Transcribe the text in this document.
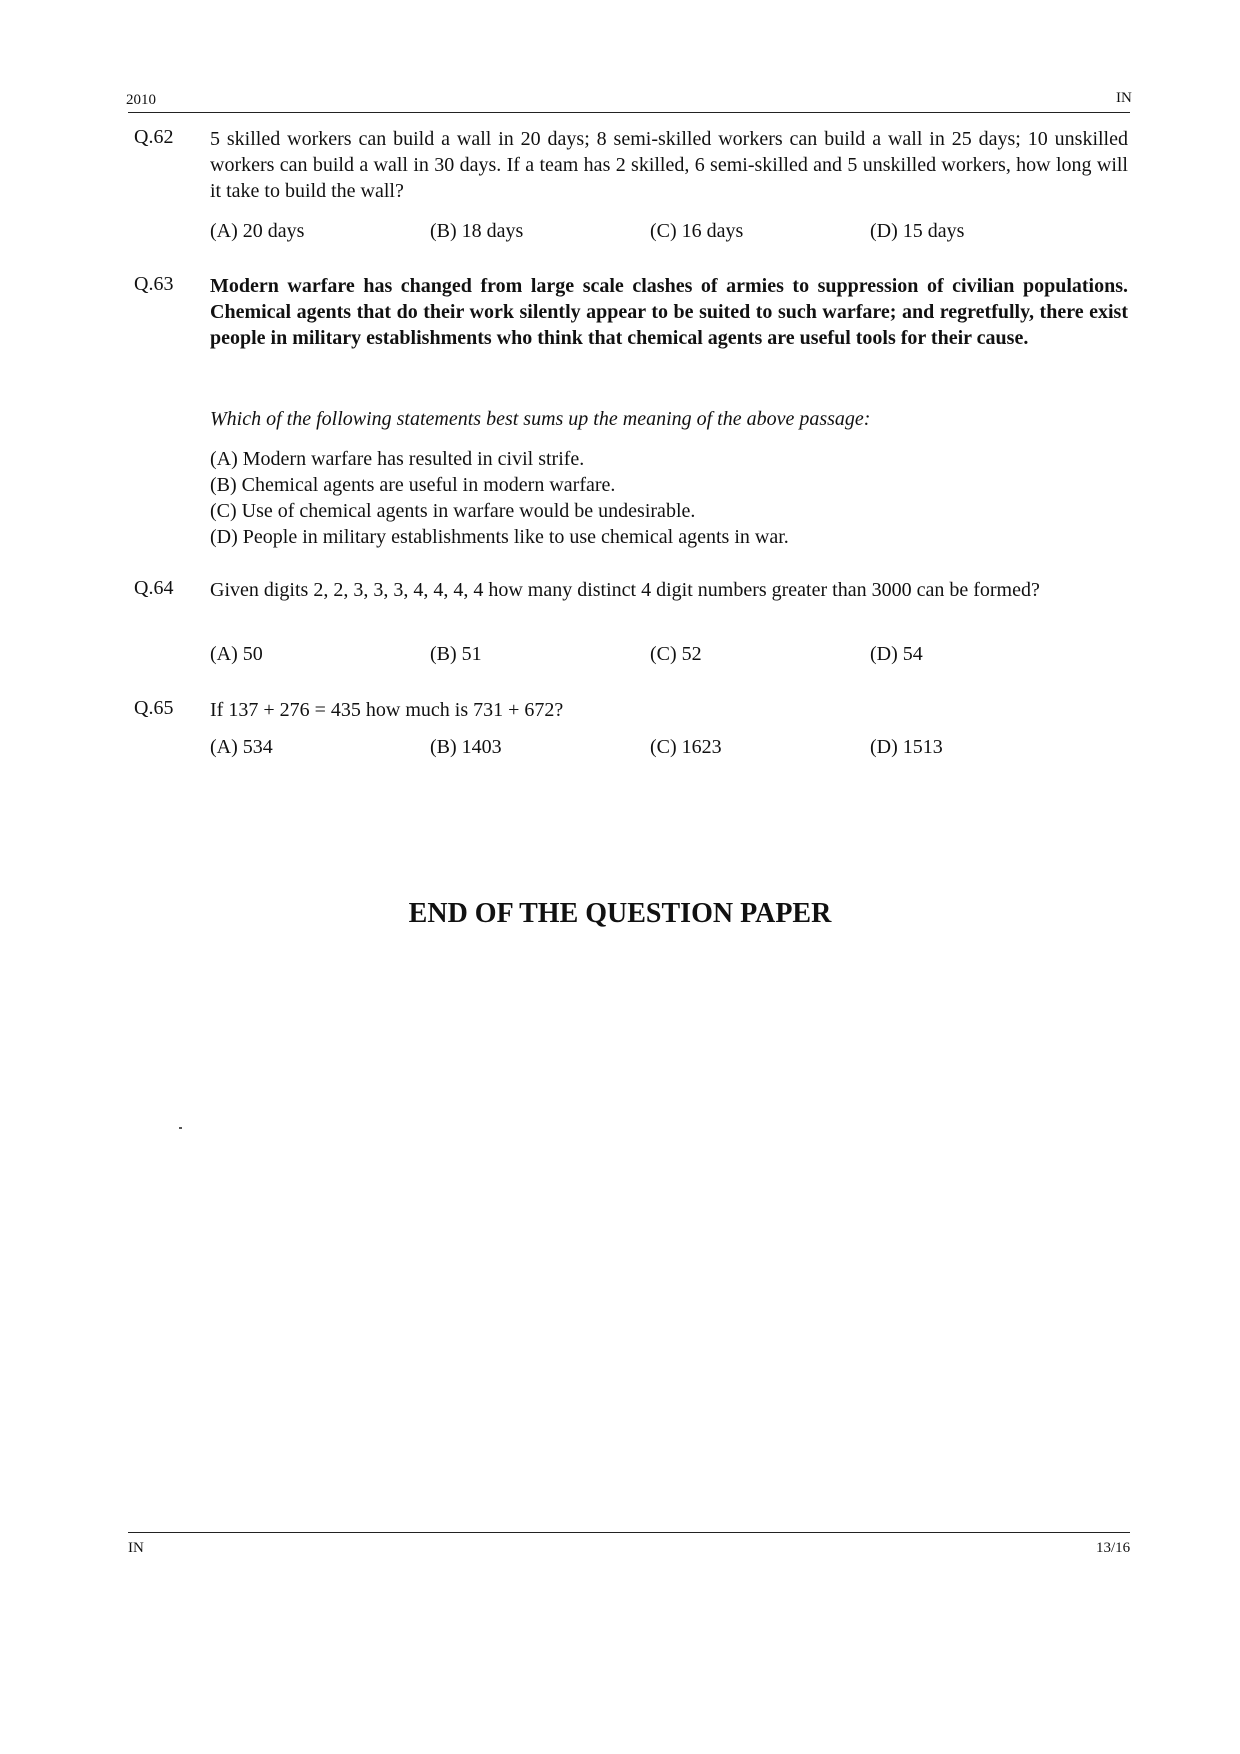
2010	IN
Q.62 5 skilled workers can build a wall in 20 days; 8 semi-skilled workers can build a wall in 25 days; 10 unskilled workers can build a wall in 30 days. If a team has 2 skilled, 6 semi-skilled and 5 unskilled workers, how long will it take to build the wall?
(A) 20 days	(B) 18 days	(C) 16 days	(D) 15 days
Q.63 Modern warfare has changed from large scale clashes of armies to suppression of civilian populations. Chemical agents that do their work silently appear to be suited to such warfare; and regretfully, there exist people in military establishments who think that chemical agents are useful tools for their cause.
Which of the following statements best sums up the meaning of the above passage:
(A) Modern warfare has resulted in civil strife.
(B) Chemical agents are useful in modern warfare.
(C) Use of chemical agents in warfare would be undesirable.
(D) People in military establishments like to use chemical agents in war.
Q.64 Given digits 2, 2, 3, 3, 3, 4, 4, 4, 4 how many distinct 4 digit numbers greater than 3000 can be formed?
(A) 50	(B) 51	(C) 52	(D) 54
Q.65 If 137 + 276 = 435 how much is 731 + 672?
(A) 534	(B) 1403	(C) 1623	(D) 1513
END OF THE QUESTION PAPER
IN	13/16
